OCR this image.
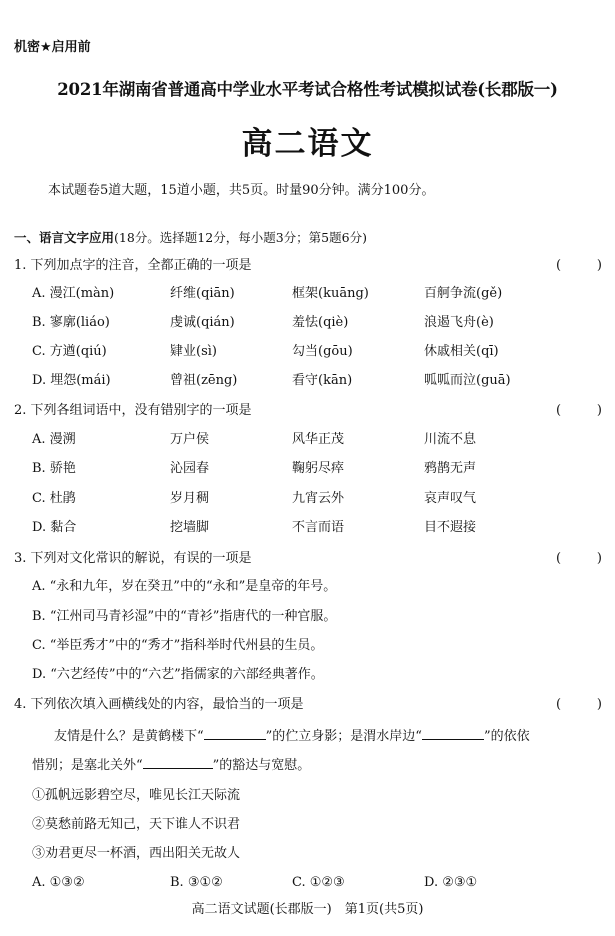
机密★启用前
2021年湖南省普通高中学业水平考试合格性考试模拟试卷(长郡版一)
高二语文
本试题卷5道大题，15道小题，共5页。时量90分钟。满分100分。
一、语言文字应用(18分。选择题12分，每小题3分；第5题6分)
1. 下列加点字的注音，全都正确的一项是	(	)
A. 漫江(màn)	纤维(qiān)	框架(kuāng)	百舸争流(gě)
B. 寥廓(liáo)	虔诚(qián)	羞怯(qiè)	浪遏飞舟(è)
C. 方遒(qiú)	肄业(sì)	勾当(gōu)	休戚相关(qī)
D. 埋怨(mái)	曾祖(zēng)	看守(kān)	呱呱而泣(guā)
2. 下列各组词语中，没有错别字的一项是	(	)
A. 漫溯	万户侯	风华正茂	川流不息
B. 骄艳	沁园春	鞠躬尽瘁	鸦鹊无声
C. 杜鹃	岁月稠	九宵云外	哀声叹气
D. 黏合	挖墙脚	不言而语	目不遐接
3. 下列对文化常识的解说，有误的一项是	(	)
A. “永和九年，岁在癸丑”中的“永和”是皇帝的年号。
B. “江州司马青衫湿”中的“青衫”指唐代的一种官服。
C. “举臣秀才”中的“秀才”指科举时代州县的生员。
D. “六艺经传”中的“六艺”指儒家的六部经典著作。
4. 下列依次填入画横线处的内容，最恰当的一项是	(	)
友情是什么？是黄鹤楼下“	”的伫立身影；是渭水岸边“	”的依依
惜别；是塞北关外“	”的豁达与宽慰。
①孤帆远影碧空尽，唯见长江天际流
②莫愁前路无知己，天下谁人不识君
③劝君更尽一杯酒，西出阳关无故人
A. ①③②	B. ③①②	C. ①②③	D. ②③①
高二语文试题(长郡版一)　第1页(共5页)
